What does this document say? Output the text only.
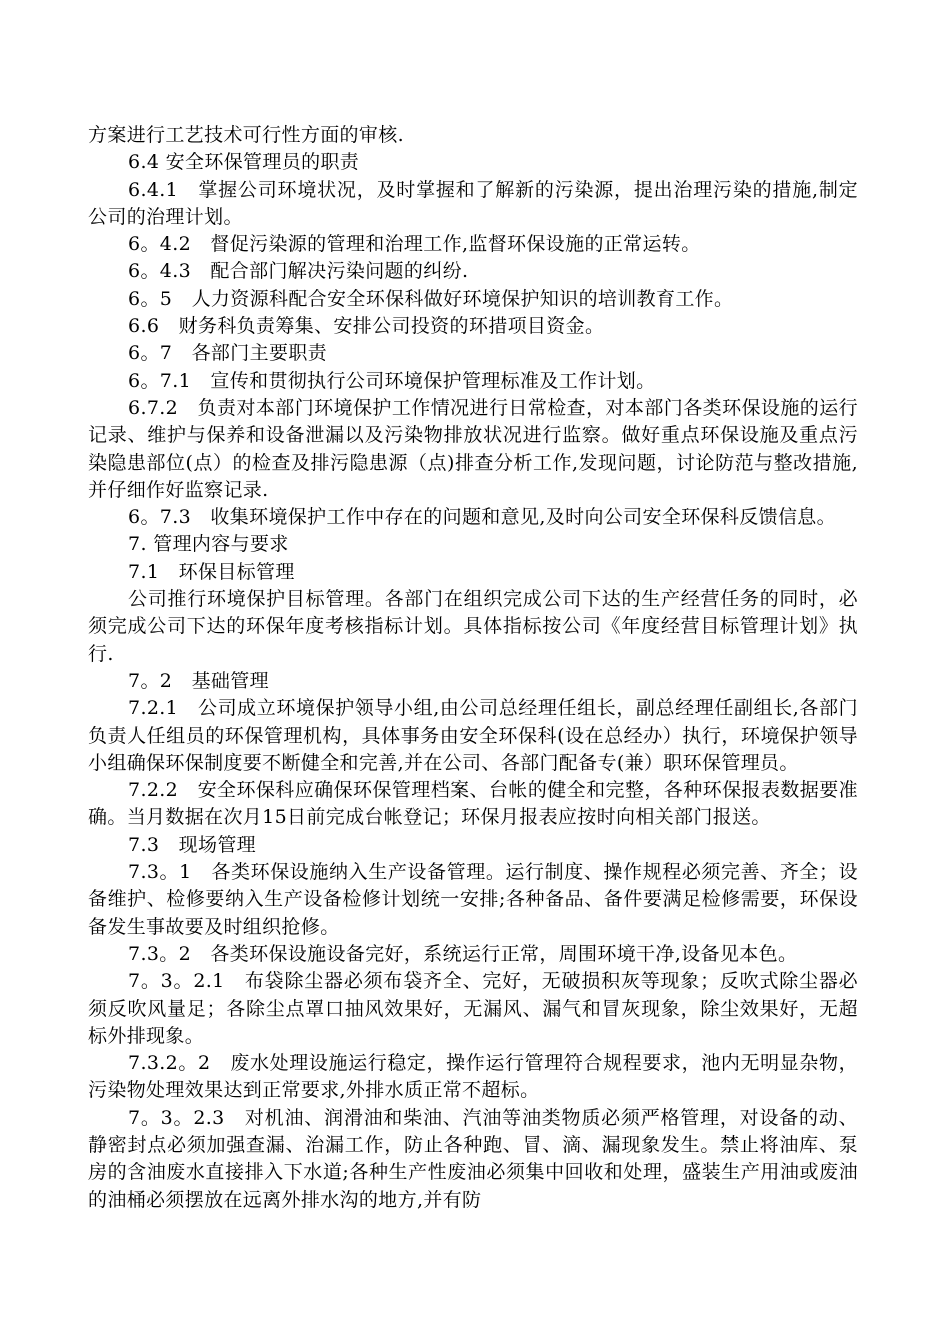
方案进行工艺技术可行性方面的审核.

6.4 安全环保管理员的职责

6.4.1　掌握公司环境状况，及时掌握和了解新的污染源，提出治理污染的措施,制定公司的治理计划。

6。4.2　督促污染源的管理和治理工作,监督环保设施的正常运转。

6。4.3　配合部门解决污染问题的纠纷.

6。5　人力资源科配合安全环保科做好环境保护知识的培训教育工作。

6.6　财务科负责筹集、安排公司投资的环措项目资金。

6。7　各部门主要职责

6。7.1　宣传和贯彻执行公司环境保护管理标准及工作计划。

6.7.2　负责对本部门环境保护工作情况进行日常检查，对本部门各类环保设施的运行记录、维护与保养和设备泄漏以及污染物排放状况进行监察。做好重点环保设施及重点污染隐患部位(点）的检查及排污隐患源（点)排查分析工作,发现问题，讨论防范与整改措施,并仔细作好监察记录.

6。7.3　收集环境保护工作中存在的问题和意见,及时向公司安全环保科反馈信息。

7. 管理内容与要求

7.1　环保目标管理

公司推行环境保护目标管理。各部门在组织完成公司下达的生产经营任务的同时，必须完成公司下达的环保年度考核指标计划。具体指标按公司《年度经营目标管理计划》执行.

7。2　基础管理

7.2.1　公司成立环境保护领导小组,由公司总经理任组长，副总经理任副组长,各部门负责人任组员的环保管理机构，具体事务由安全环保科(设在总经办）执行，环境保护领导小组确保环保制度要不断健全和完善,并在公司、各部门配备专(兼）职环保管理员。

7.2.2　安全环保科应确保环保管理档案、台帐的健全和完整，各种环保报表数据要准确。当月数据在次月15日前完成台帐登记；环保月报表应按时向相关部门报送。

7.3　现场管理

7.3。1　各类环保设施纳入生产设备管理。运行制度、操作规程必须完善、齐全；设备维护、检修要纳入生产设备检修计划统一安排;各种备品、备件要满足检修需要，环保设备发生事故要及时组织抢修。

7.3。2　各类环保设施设备完好，系统运行正常，周围环境干净,设备见本色。

7。3。2.1　布袋除尘器必须布袋齐全、完好，无破损积灰等现象；反吹式除尘器必须反吹风量足；各除尘点罩口抽风效果好，无漏风、漏气和冒灰现象，除尘效果好，无超标外排现象。

7.3.2。2　废水处理设施运行稳定，操作运行管理符合规程要求，池内无明显杂物，污染物处理效果达到正常要求,外排水质正常不超标。

7。3。2.3　对机油、润滑油和柴油、汽油等油类物质必须严格管理，对设备的动、静密封点必须加强查漏、治漏工作，防止各种跑、冒、滴、漏现象发生。禁止将油库、泵房的含油废水直接排入下水道;各种生产性废油必须集中回收和处理，盛装生产用油或废油的油桶必须摆放在远离外排水沟的地方,并有防
